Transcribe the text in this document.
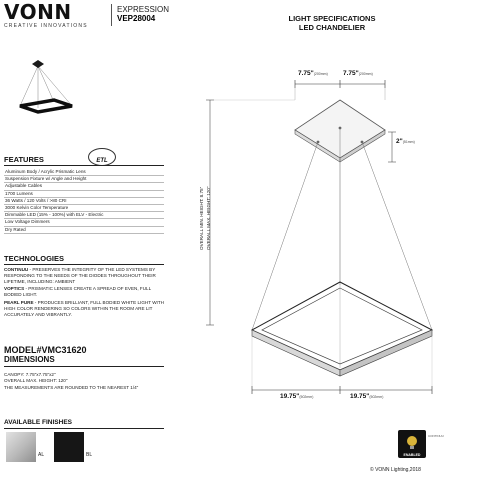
VONN
CREATIVE INNOVATIONS
EXPRESSION
VEP28004	LIGHT SPECIFICATIONS
LED CHANDELIER
ETL
FEATURES
Aluminum Body / Acrylic Prismatic Lens
Suspension Fixture w/ Angle and Height
Adjustable Cables
1700 Lumens
36 Watts / 120 Volts / >80 CRI
3000 Kelvin Color Temperature
Dimmable LED (15% - 100%) with ELV - Electric
Low Voltage Dimmers
Dry Rated
TECHNOLOGIES
CONTINUU - PRESERVES THE INTEGRITY OF THE LED SYSTEMS BY RESPONDING TO THE NEEDS OF THE DIODES THROUGHOUT THEIR LIFETIME, INCLUDING: AMBIENT
VOPTICS - PRISMATIC LENSES CREATE A SPREAD OF EVEN, FULL BODIED LIGHT.
PEARL PURE - PRODUCES BRILLIANT, FULL BODIED WHITE LIGHT WITH HIGH COLOR RENDERING SO COLORS WITHIN THE ROOM ARE LIT ACCURATELY AND VIBRANTLY.
MODEL#VMC31620
DIMENSIONS
CANOPY: 7.75"x7.75"x2"
OVERALL MAX. HEIGHT: 120"
THE MEASUREMENTS ARE ROUNDED TO THE NEAREST 1/4"
AVAILABLE FINISHES
AL	BL
7.75"(200mm) 7.75"(200mm)
2"(51mm)
OVERALL MIN. HEIGHT: 8.75" OVERALL MAX. HEIGHT: 120"
19.75"(502mm)	19.75"(502mm)
ENABLED
CONTINUU
© VONN Lighting,2018
